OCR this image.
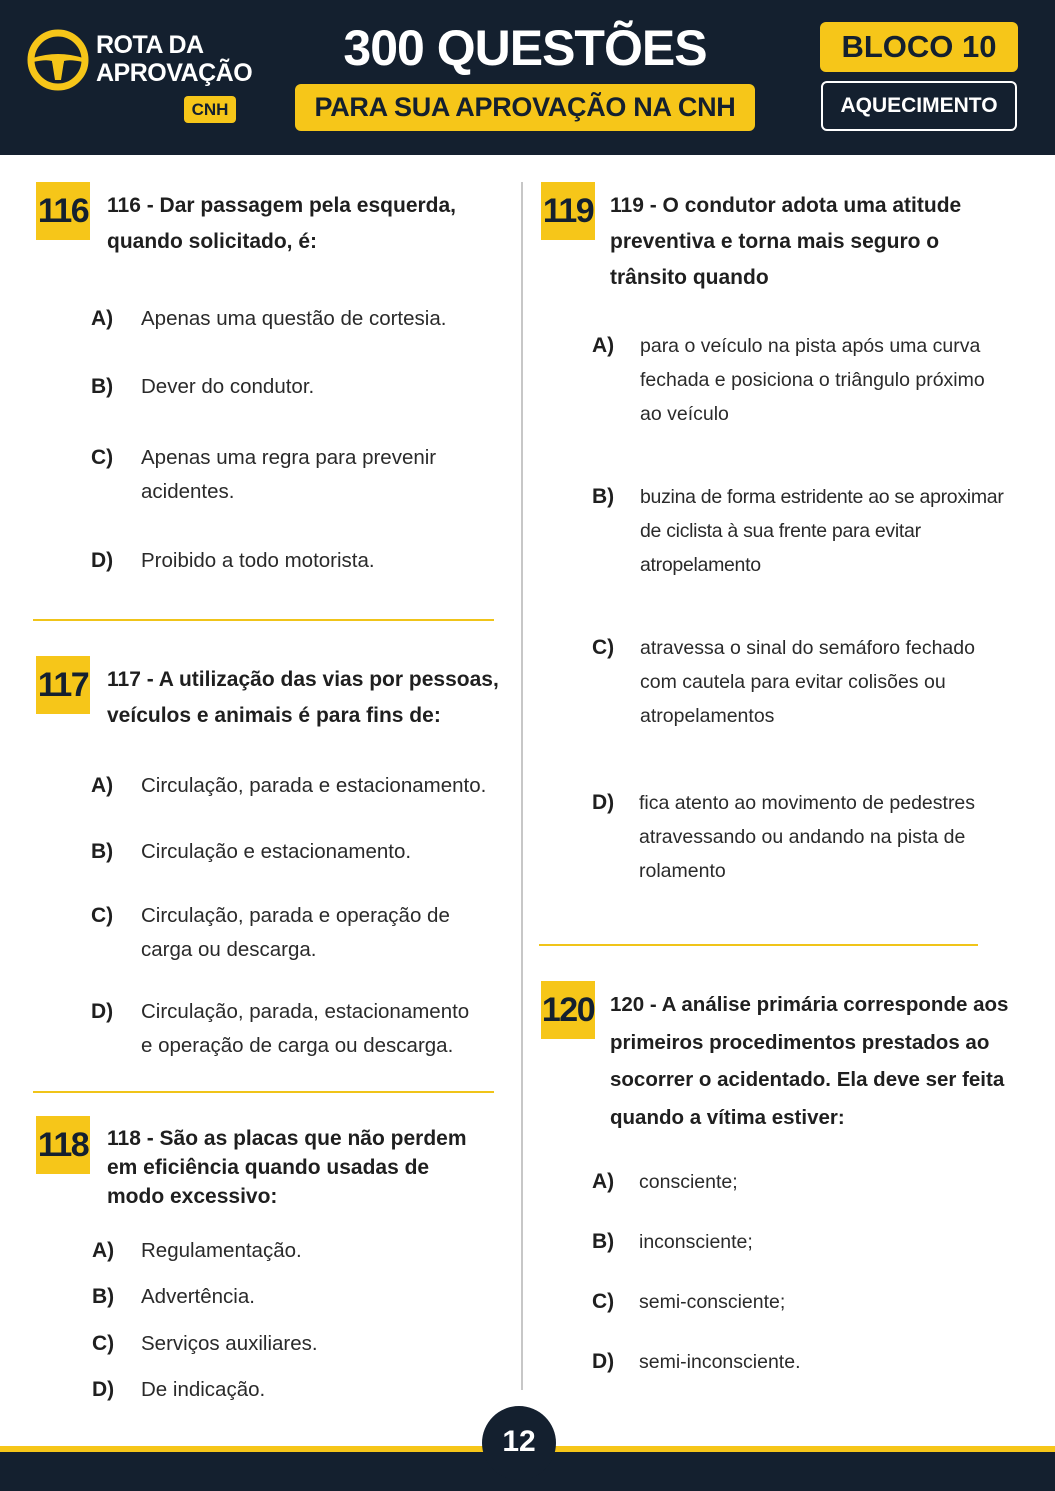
ROTA DA
APROVAÇÃO
CNH
300 QUESTÕES
PARA SUA APROVAÇÃO NA CNH
BLOCO 10
AQUECIMENTO
116 116 - Dar passagem pela esquerda,
quando solicitado, é:
A) Apenas uma questão de cortesia.
B) Dever do condutor.
C) Apenas uma regra para prevenir
acidentes.
D) Proibido a todo motorista.
117 117 - A utilização das vias por pessoas,
veículos e animais é para fins de:
A) Circulação, parada e estacionamento.
B) Circulação e estacionamento.
C) Circulação, parada e operação de
carga ou descarga.
D) Circulação, parada, estacionamento
e operação de carga ou descarga.
118 118 - São as placas que não perdem
em eficiência quando usadas de
modo excessivo:
A) Regulamentação.
B) Advertência.
C) Serviços auxiliares.
D) De indicação.
119 119 - O condutor adota uma atitude
preventiva e torna mais seguro o
trânsito quando
A) para o veículo na pista após uma curva
fechada e posiciona o triângulo próximo
ao veículo
B) buzina de forma estridente ao se aproximar
de ciclista à sua frente para evitar
atropelamento
C) atravessa o sinal do semáforo fechado
com cautela para evitar colisões ou
atropelamentos
D) fica atento ao movimento de pedestres
atravessando ou andando na pista de
rolamento
120 120 - A análise primária corresponde aos
primeiros procedimentos prestados ao
socorrer o acidentado. Ela deve ser feita
quando a vítima estiver:
A) consciente;
B) inconsciente;
C) semi-consciente;
D) semi-inconsciente.
12
